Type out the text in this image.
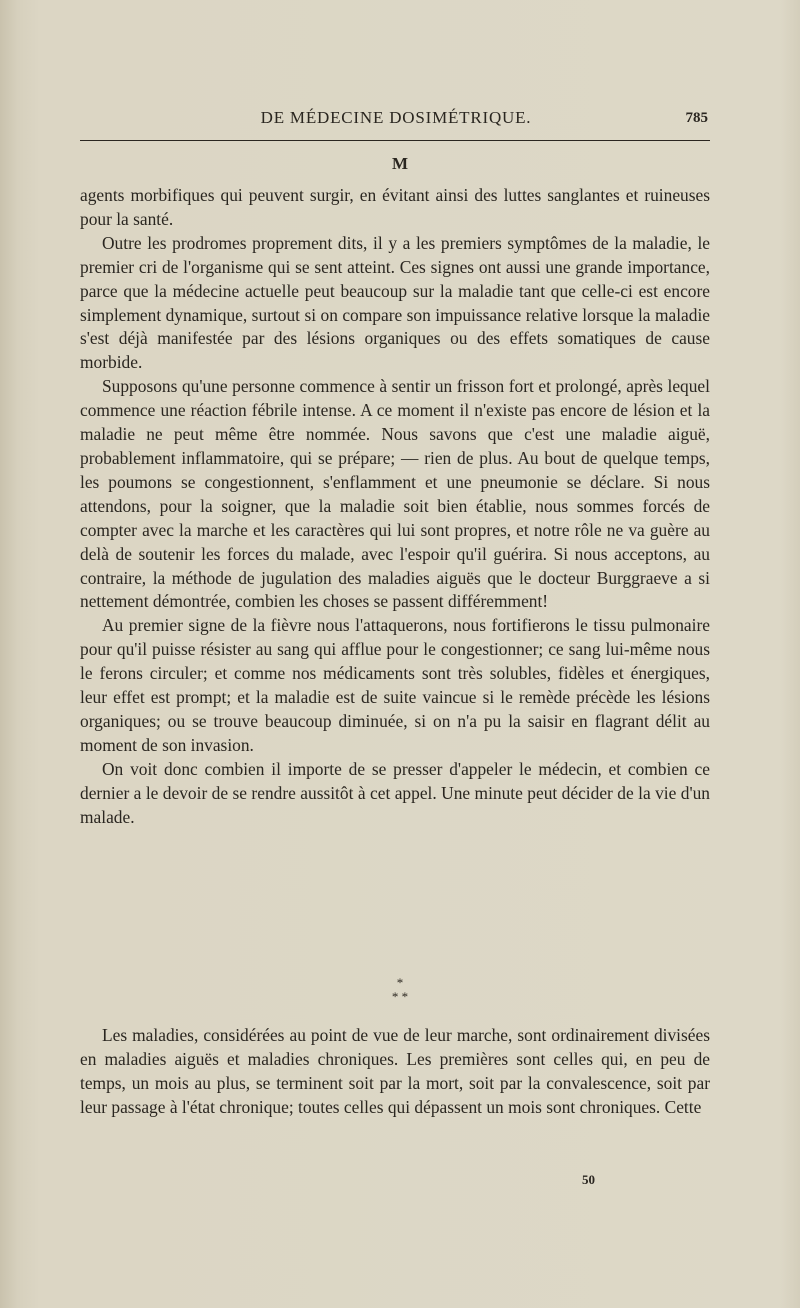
DE MÉDECINE DOSIMÉTRIQUE.	785
M

agents morbifiques qui peuvent surgir, en évitant ainsi des luttes sanglantes et ruineuses pour la santé.

Outre les prodromes proprement dits, il y a les premiers symptômes de la maladie, le premier cri de l'organisme qui se sent atteint. Ces signes ont aussi une grande importance, parce que la médecine actuelle peut beaucoup sur la maladie tant que celle-ci est encore simplement dynamique, surtout si on compare son impuissance relative lorsque la maladie s'est déjà manifestée par des lésions organiques ou des effets somatiques de cause morbide.

Supposons qu'une personne commence à sentir un frisson fort et prolongé, après lequel commence une réaction fébrile intense. A ce moment il n'existe pas encore de lésion et la maladie ne peut même être nommée. Nous savons que c'est une maladie aiguë, probablement inflammatoire, qui se prépare; — rien de plus. Au bout de quelque temps, les poumons se congestionnent, s'enflamment et une pneumonie se déclare. Si nous attendons, pour la soigner, que la maladie soit bien établie, nous sommes forcés de compter avec la marche et les caractères qui lui sont propres, et notre rôle ne va guère au delà de soutenir les forces du malade, avec l'espoir qu'il guérira. Si nous acceptons, au contraire, la méthode de jugulation des maladies aiguës que le docteur Burggraeve a si nettement démontrée, combien les choses se passent différemment!

Au premier signe de la fièvre nous l'attaquerons, nous fortifierons le tissu pulmonaire pour qu'il puisse résister au sang qui afflue pour le congestionner; ce sang lui-même nous le ferons circuler; et comme nos médicaments sont très solubles, fidèles et énergiques, leur effet est prompt; et la maladie est de suite vaincue si le remède précède les lésions organiques; ou se trouve beaucoup diminuée, si on n'a pu la saisir en flagrant délit au moment de son invasion.

On voit donc combien il importe de se presser d'appeler le médecin, et combien ce dernier a le devoir de se rendre aussitôt à cet appel. Une minute peut décider de la vie d'un malade.

*
* *

Les maladies, considérées au point de vue de leur marche, sont ordinairement divisées en maladies aiguës et maladies chroniques. Les premières sont celles qui, en peu de temps, un mois au plus, se terminent soit par la mort, soit par la convalescence, soit par leur passage à l'état chronique; toutes celles qui dépassent un mois sont chroniques. Cette

50
